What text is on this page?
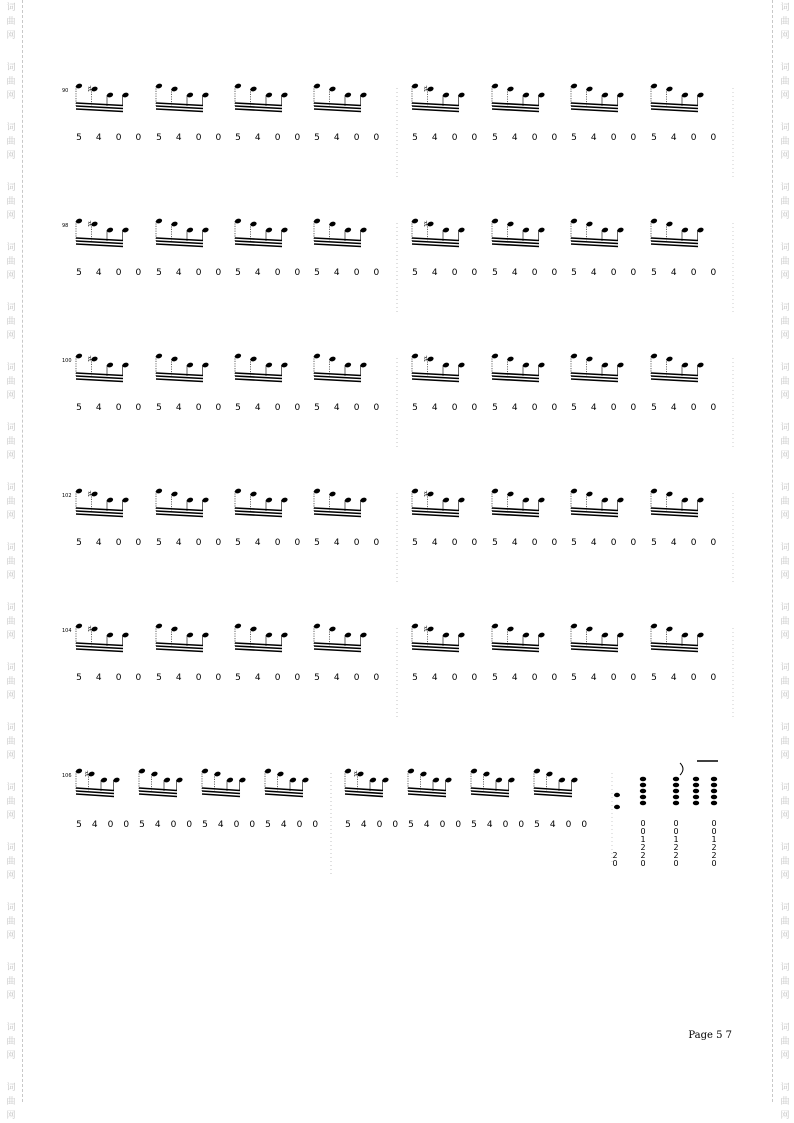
词
曲
网
词
曲
网
词
曲
网
词
曲
网
词
曲
网
词
曲
网
词
曲
网
词
曲
网
词
曲
网
词
曲
网
词
曲
网
词
曲
网
词
曲
网
词
曲
网
词
曲
网
词
曲
网
词
曲
网
词
曲
网
词
曲
网
词
曲
网
词
曲
网
词
曲
网
词
曲
网
词
曲
网
词
曲
网
词
曲
网
词
曲
网
词
曲
网
词
曲
网
词
曲
网
词
曲
网
词
曲
网
词
曲
网
词
曲
网
词
曲
网
词
曲
网
词
曲
网
词
曲
网
90 ♯	♯
5 4 0 0 5 4 0 0 5 4 0 0 5 4 0 0	5 4 0 0 5 4 0 0 5 4 0 0 5 4 0 0
98 ♯	♯
5 4 0 0 5 4 0 0 5 4 0 0 5 4 0 0	5 4 0 0 5 4 0 0 5 4 0 0 5 4 0 0
100 ♯	♯
5 4 0 0 5 4 0 0 5 4 0 0 5 4 0 0	5 4 0 0 5 4 0 0 5 4 0 0 5 4 0 0
102 ♯	♯
5 4 0 0 5 4 0 0 5 4 0 0 5 4 0 0	5 4 0 0 5 4 0 0 5 4 0 0 5 4 0 0
104 ♯	♯
5 4 0 0 5 4 0 0 5 4 0 0 5 4 0 0	5 4 0 0 5 4 0 0 5 4 0 0 5 4 0 0
106 ♯	♯
5 4 0 0 5 4 0 0 5 4 0 0 5 4 0 0	5 4 0 0 5 4 0 0 5 4 0 0 5 4 0 0
2
0
0
0
1
2
2
0
0
0
1
2
2
0
0
0
1
2
2
0
Page 5 7
